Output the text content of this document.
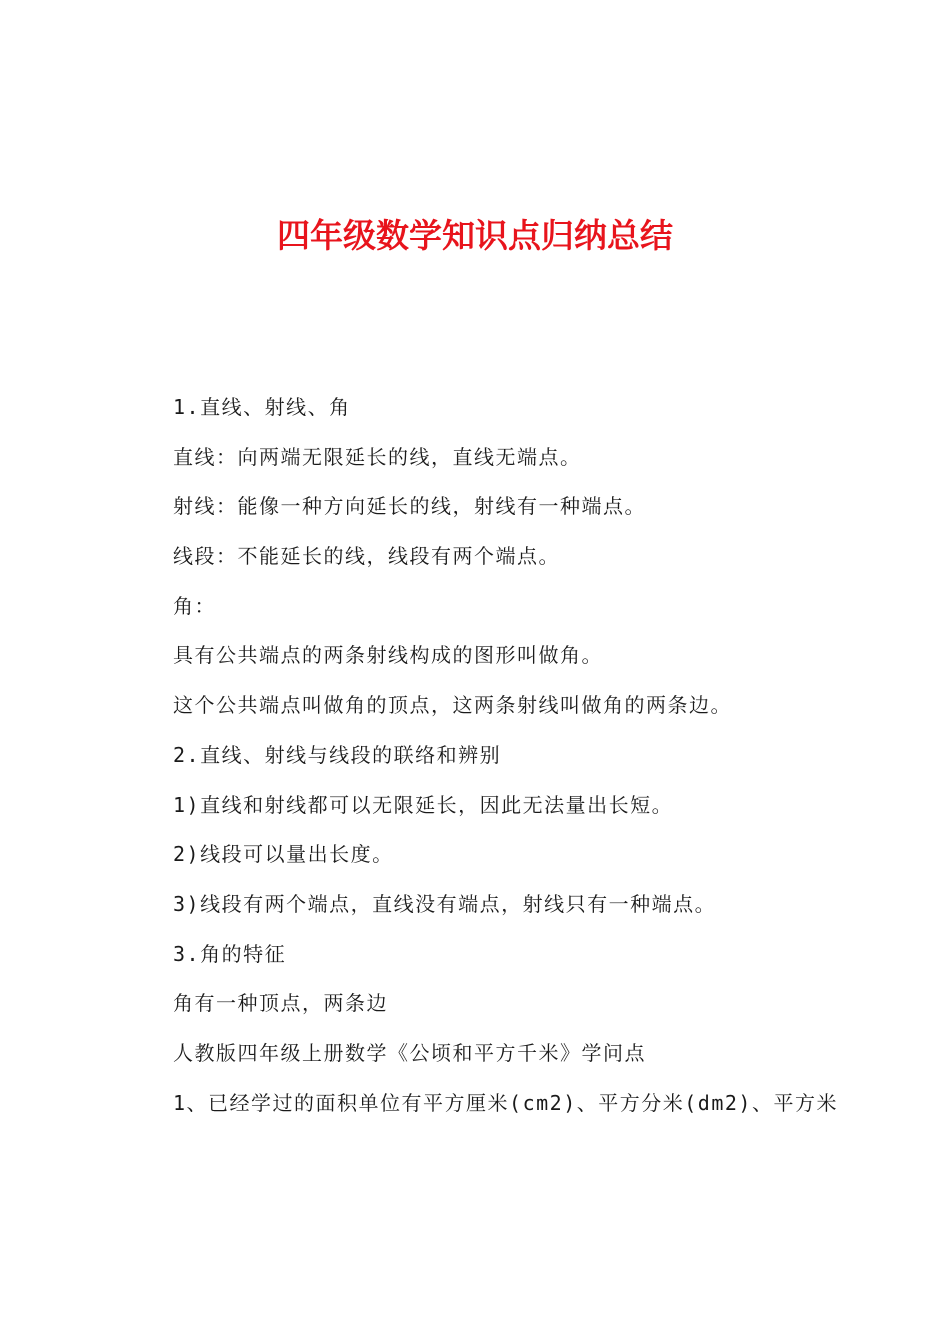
四年级数学知识点归纳总结
1.直线、射线、角
直线：向两端无限延长的线，直线无端点。
射线：能像一种方向延长的线，射线有一种端点。
线段：不能延长的线，线段有两个端点。
角：
具有公共端点的两条射线构成的图形叫做角。
这个公共端点叫做角的顶点，这两条射线叫做角的两条边。
2.直线、射线与线段的联络和辨别
1)直线和射线都可以无限延长，因此无法量出长短。
2)线段可以量出长度。
3)线段有两个端点，直线没有端点，射线只有一种端点。
3.角的特征
角有一种顶点，两条边
人教版四年级上册数学《公顷和平方千米》学问点
1、已经学过的面积单位有平方厘米(cm2)、平方分米(dm2)、平方米
